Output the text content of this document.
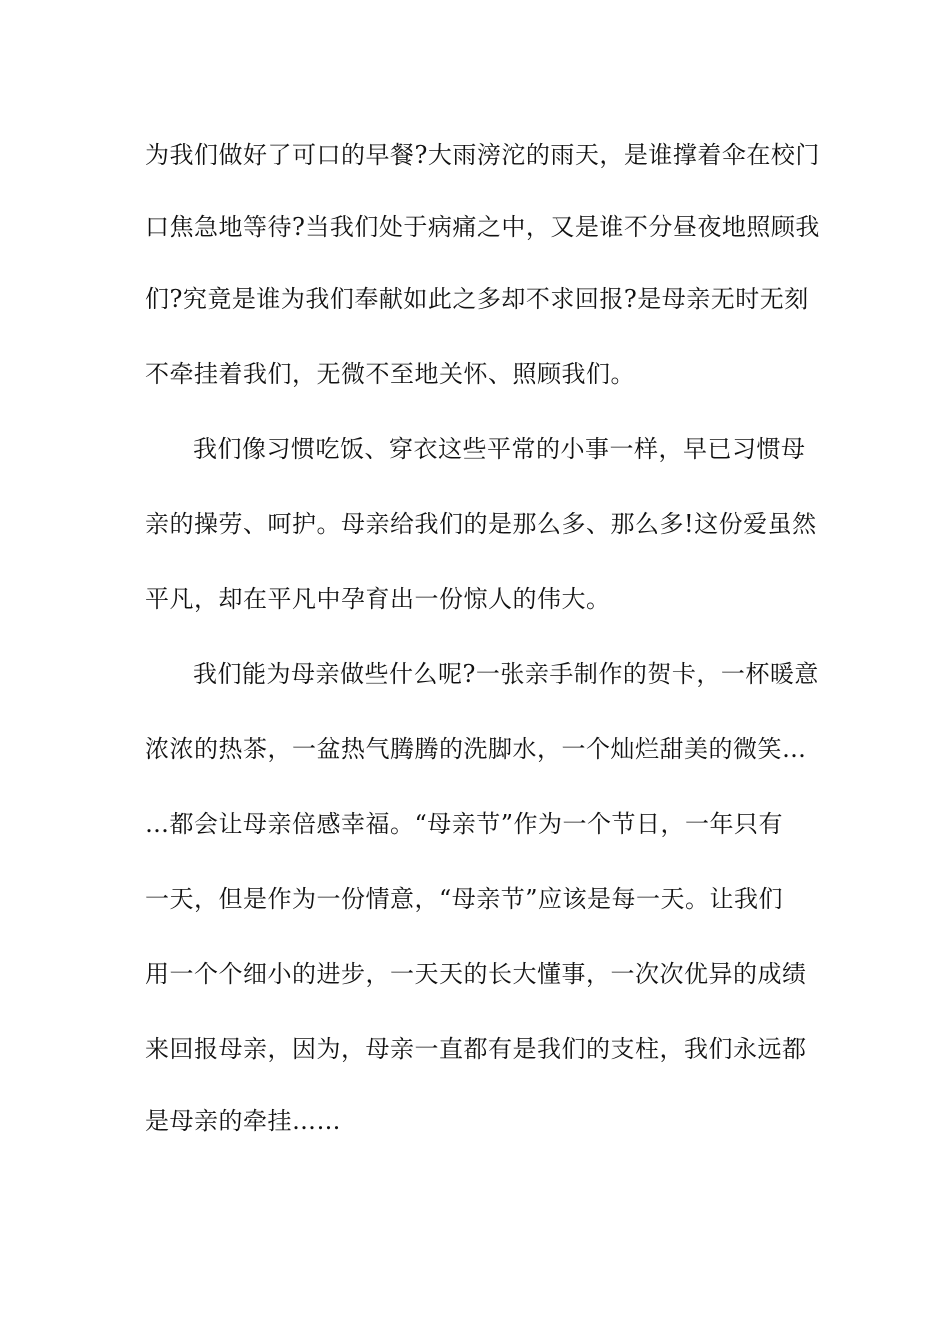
为我们做好了可口的早餐?大雨滂沱的雨天，是谁撑着伞在校门
口焦急地等待?当我们处于病痛之中，又是谁不分昼夜地照顾我
们?究竟是谁为我们奉献如此之多却不求回报?是母亲无时无刻
不牵挂着我们，无微不至地关怀、照顾我们。
我们像习惯吃饭、穿衣这些平常的小事一样，早已习惯母
亲的操劳、呵护。母亲给我们的是那么多、那么多!这份爱虽然
平凡，却在平凡中孕育出一份惊人的伟大。
我们能为母亲做些什么呢?一张亲手制作的贺卡，一杯暖意
浓浓的热茶，一盆热气腾腾的洗脚水，一个灿烂甜美的微笑…
…都会让母亲倍感幸福。“母亲节”作为一个节日，一年只有
一天，但是作为一份情意，“母亲节”应该是每一天。让我们
用一个个细小的进步，一天天的长大懂事，一次次优异的成绩
来回报母亲，因为，母亲一直都有是我们的支柱，我们永远都
是母亲的牵挂……
